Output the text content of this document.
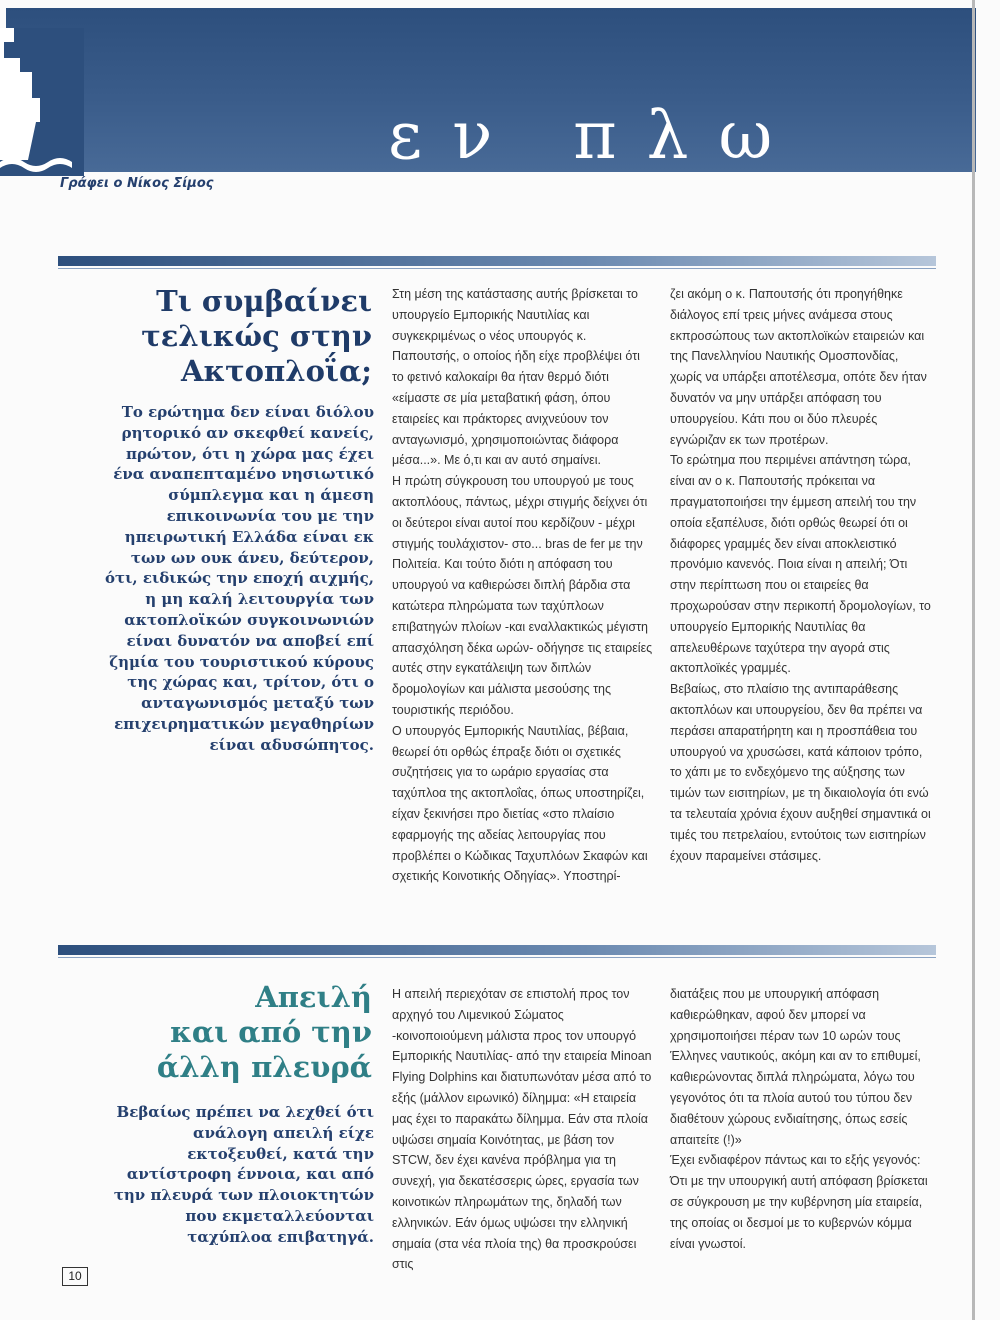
εν πλω
Γράφει ο Νίκος Σίμος
Τι συμβαίνει
τελικώς στην
Ακτοπλοΐα;
Το ερώτημα δεν είναι διόλου ρητορικό αν σκεφθεί κανείς, πρώτον, ότι η χώρα μας έχει ένα αναπεπταμένο νησιωτικό σύμπλεγμα και η άμεση επικοινωνία του με την ηπειρωτική Ελλάδα είναι εκ των ων ουκ άνευ, δεύτερον, ότι, ειδικώς την εποχή αιχμής, η μη καλή λειτουργία των ακτοπλοϊκών συγκοινωνιών είναι δυνατόν να αποβεί επί ζημία του τουριστικού κύρους της χώρας και, τρίτον, ότι ο ανταγωνισμός μεταξύ των επιχειρηματικών μεγαθηρίων είναι αδυσώπητος.

Στη μέση της κατάστασης αυτής βρίσκεται το υπουργείο Εμπορικής Ναυτιλίας και συγκεκριμένως ο νέος υπουργός κ. Παπουτσής, ο οποίος ήδη είχε προβλέψει ότι το φετινό καλοκαίρι θα ήταν θερμό διότι «είμαστε σε μία μεταβατική φάση, όπου εταιρείες και πράκτορες ανιχνεύουν τον ανταγωνισμό, χρησιμοποιώντας διάφορα μέσα...». Με ό,τι και αν αυτό σημαίνει.

Η πρώτη σύγκρουση του υπουργού με τους ακτοπλόους, πάντως, μέχρι στιγμής δείχνει ότι οι δεύτεροι είναι αυτοί που κερδίζουν - μέχρι στιγμής τουλάχιστον- στο... bras de fer με την Πολιτεία. Και τούτο διότι η απόφαση του υπουργού να καθιερώσει διπλή βάρδια στα κατώτερα πληρώματα των ταχύπλοων επιβατηγών πλοίων -και εναλλακτικώς μέγιστη απασχόληση δέκα ωρών- οδήγησε τις εταιρείες αυτές στην εγκατάλειψη των διπλών δρομολογίων και μάλιστα μεσούσης της τουριστικής περιόδου.

Ο υπουργός Εμπορικής Ναυτιλίας, βέβαια, θεωρεί ότι ορθώς έπραξε διότι οι σχετικές συζητήσεις για το ωράριο εργασίας στα ταχύπλοα της ακτοπλοΐας, όπως υποστηρίζει, είχαν ξεκινήσει προ διετίας «στο πλαίσιο εφαρμογής της αδείας λειτουργίας που προβλέπει ο Κώδικας Ταχυπλόων Σκαφών και σχετικής Κοινοτικής Οδηγίας». Υποστηρί-

ζει ακόμη ο κ. Παπουτσής ότι προηγήθηκε διάλογος επί τρεις μήνες ανάμεσα στους εκπροσώπους των ακτοπλοϊκών εταιρειών και της Πανελληνίου Ναυτικής Ομοσπονδίας, χωρίς να υπάρξει αποτέλεσμα, οπότε δεν ήταν δυνατόν να μην υπάρξει απόφαση του υπουργείου. Κάτι που οι δύο πλευρές εγνώριζαν εκ των προτέρων.

Το ερώτημα που περιμένει απάντηση τώρα, είναι αν ο κ. Παπουτσής πρόκειται να πραγματοποιήσει την έμμεση απειλή του την οποία εξαπέλυσε, διότι ορθώς θεωρεί ότι οι διάφορες γραμμές δεν είναι αποκλειστικό προνόμιο κανενός. Ποια είναι η απειλή; Ότι στην περίπτωση που οι εταιρείες θα προχωρούσαν στην περικοπή δρομολογίων, το υπουργείο Εμπορικής Ναυτιλίας θα απελευθέρωνε ταχύτερα την αγορά στις ακτοπλοϊκές γραμμές.

Βεβαίως, στο πλαίσιο της αντιπαράθεσης ακτοπλόων και υπουργείου, δεν θα πρέπει να περάσει απαρατήρητη και η προσπάθεια του υπουργού να χρυσώσει, κατά κάποιον τρόπο, το χάπι με το ενδεχόμενο της αύξησης των τιμών των εισιτηρίων, με τη δικαιολογία ότι ενώ τα τελευταία χρόνια έχουν αυξηθεί σημαντικά οι τιμές του πετρελαίου, εντούτοις των εισιτηρίων έχουν παραμείνει στάσιμες.

Απειλή
και από την
άλλη πλευρά
Βεβαίως πρέπει να λεχθεί ότι ανάλογη απειλή είχε εκτοξευθεί, κατά την αντίστροφη έννοια, και από την πλευρά των πλοιοκτητών που εκμεταλλεύονται ταχύπλοα επιβατηγά.

Η απειλή περιεχόταν σε επιστολή προς τον αρχηγό του Λιμενικού Σώματος -κοινοποιούμενη μάλιστα προς τον υπουργό Εμπορικής Ναυτιλίας- από την εταιρεία Minoan Flying Dolphins και διατυπωνόταν μέσα από το εξής (μάλλον ειρωνικό) δίλημμα: «Η εταιρεία μας έχει το παρακάτω δίλημμα. Εάν στα πλοία υψώσει σημαία Κοινότητας, με βάση τον STCW, δεν έχει κανένα πρόβλημα για τη συνεχή, για δεκατέσσερις ώρες, εργασία των κοινοτικών πληρωμάτων της, δηλαδή των ελληνικών. Εάν όμως υψώσει την ελληνική σημαία (στα νέα πλοία της) θα προσκρούσει στις

διατάξεις που με υπουργική απόφαση καθιερώθηκαν, αφού δεν μπορεί να χρησιμοποιήσει πέραν των 10 ωρών τους Έλληνες ναυτικούς, ακόμη και αν το επιθυμεί, καθιερώνοντας διπλά πληρώματα, λόγω του γεγονότος ότι τα πλοία αυτού του τύπου δεν διαθέτουν χώρους ενδιαίτησης, όπως εσείς απαιτείτε (!)»

Έχει ενδιαφέρον πάντως και το εξής γεγονός: Ότι με την υπουργική αυτή απόφαση βρίσκεται σε σύγκρουση με την κυβέρνηση μία εταιρεία, της οποίας οι δεσμοί με το κυβερνών κόμμα είναι γνωστοί.

10
